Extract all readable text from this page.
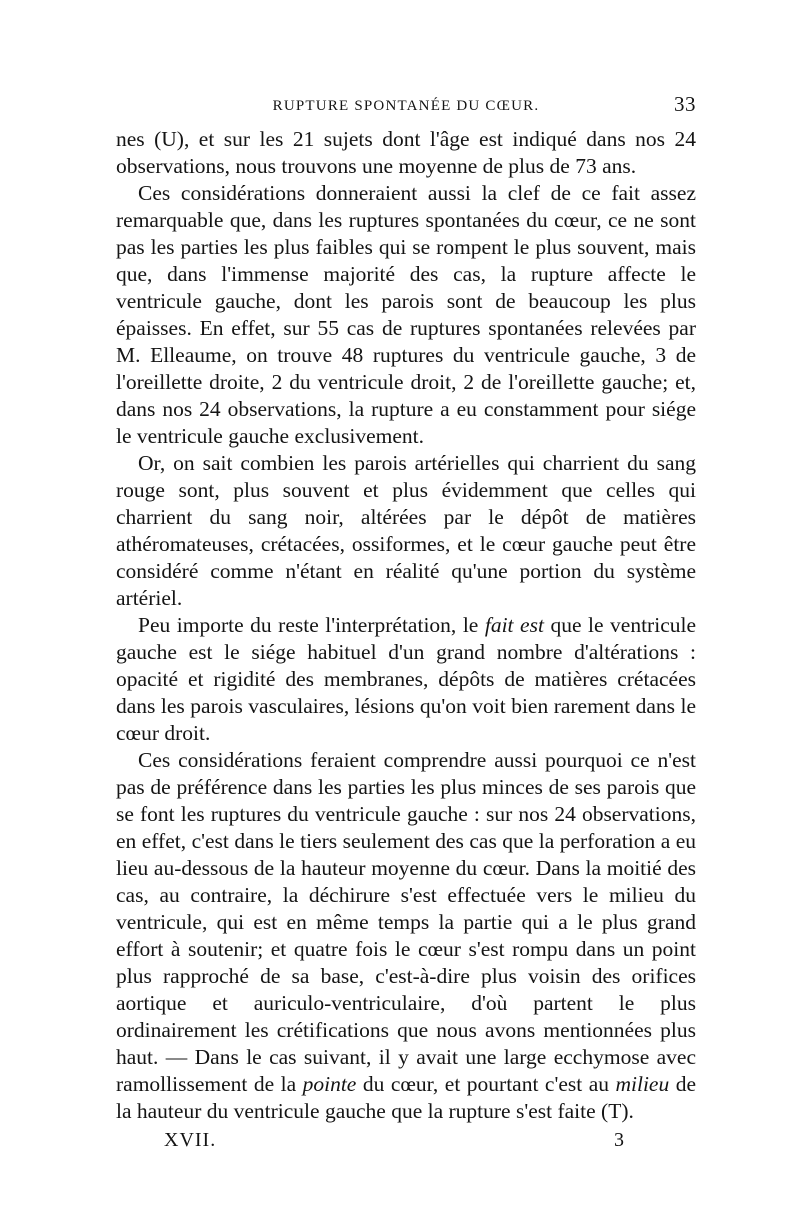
RUPTURE SPONTANÉE DU CŒUR.	33

nes (U), et sur les 21 sujets dont l'âge est indiqué dans nos 24 observations, nous trouvons une moyenne de plus de 73 ans.

Ces considérations donneraient aussi la clef de ce fait assez remarquable que, dans les ruptures spontanées du cœur, ce ne sont pas les parties les plus faibles qui se rompent le plus souvent, mais que, dans l'immense majorité des cas, la rupture affecte le ventricule gauche, dont les parois sont de beaucoup les plus épaisses. En effet, sur 55 cas de ruptures spontanées relevées par M. Elleaume, on trouve 48 ruptures du ventricule gauche, 3 de l'oreillette droite, 2 du ventricule droit, 2 de l'oreillette gauche; et, dans nos 24 observations, la rupture a eu constamment pour siége le ventricule gauche exclusivement.

Or, on sait combien les parois artérielles qui charrient du sang rouge sont, plus souvent et plus évidemment que celles qui charrient du sang noir, altérées par le dépôt de matières athéromateuses, crétacées, ossiformes, et le cœur gauche peut être considéré comme n'étant en réalité qu'une portion du système artériel.

Peu importe du reste l'interprétation, le fait est que le ventricule gauche est le siége habituel d'un grand nombre d'altérations : opacité et rigidité des membranes, dépôts de matières crétacées dans les parois vasculaires, lésions qu'on voit bien rarement dans le cœur droit.

Ces considérations feraient comprendre aussi pourquoi ce n'est pas de préférence dans les parties les plus minces de ses parois que se font les ruptures du ventricule gauche : sur nos 24 observations, en effet, c'est dans le tiers seulement des cas que la perforation a eu lieu au-dessous de la hauteur moyenne du cœur. Dans la moitié des cas, au contraire, la déchirure s'est effectuée vers le milieu du ventricule, qui est en même temps la partie qui a le plus grand effort à soutenir; et quatre fois le cœur s'est rompu dans un point plus rapproché de sa base, c'est-à-dire plus voisin des orifices aortique et auriculo-ventriculaire, d'où partent le plus ordinairement les crétifications que nous avons mentionnées plus haut. — Dans le cas suivant, il y avait une large ecchymose avec ramollissement de la pointe du cœur, et pourtant c'est au milieu de la hauteur du ventricule gauche que la rupture s'est faite (T).

XVII.	3
